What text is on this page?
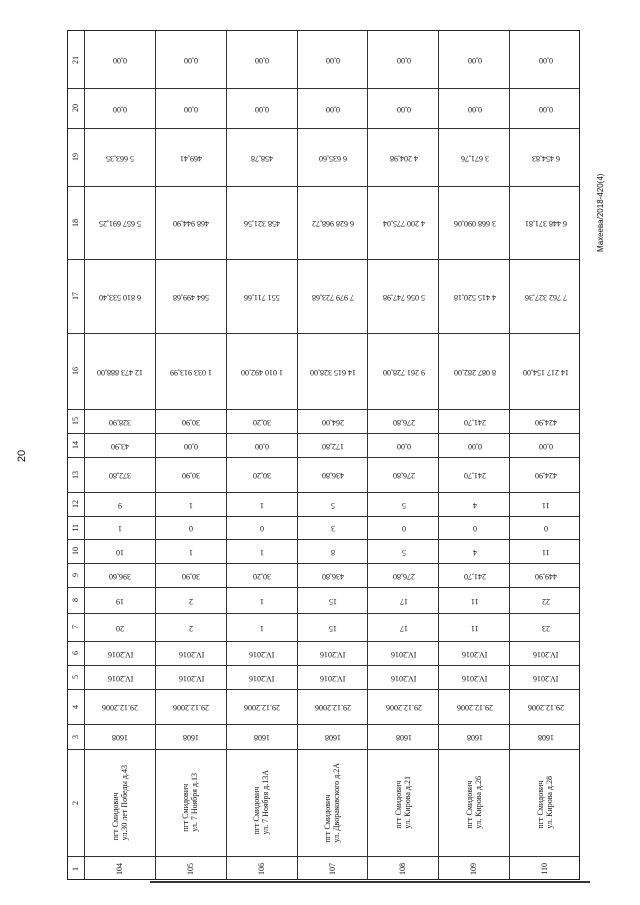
20
Махеева/2018-420(4)
21
20
19
18
17
16
15
14
13
12
11
10
9
8
7
6
5
4
3
2
1
0,00
0,00
5 663,35
5 657 691,25
6 810 533,40
12 473 888,00
328,90
43,90
372,80
9
1
10
396,60
19
20
IV.2016
IV.2016
29.12.2006
1608
пгт Смидович
ул.30 лет Победы д.43
104
0,00
0,00
469,41
468 944,90
564 499,68
1 033 913,99
30,90
0,00
30,90
1
0
1
30,90
2
2
IV.2016
IV.2016
29.12.2006
1608
пгт Смидович
ул. 7 Ноября д.13
105
0,00
0,00
458,78
458 321,56
551 711,66
1 010 492,00
30,20
0,00
30,20
1
0
1
30,20
1
1
IV.2016
IV.2016
29.12.2006
1608
пгт Смидович
ул. 7 Ноября д.13А
106
0,00
0,00
6 635,60
6 628 968,72
7 979 723,68
14 615 328,00
264,00
172,80
436,80
5
3
8
436,80
15
15
IV.2016
IV.2016
29.12.2006
1608
пгт Смидович
ул. Двораковского д.2А
107
0,00
0,00
4 204,98
4 200 775,04
5 056 747,98
9 261 728,00
276,80
0,00
276,80
5
0
5
276,80
17
17
IV.2016
IV.2016
29.12.2006
1608
пгт Смидович
ул. Кирова д.21
108
0,00
0,00
3 671,76
3 668 090,06
4 415 520,18
8 087 282,00
241,70
0,00
241,70
4
0
4
241,70
11
11
IV.2016
IV.2016
29.12.2006
1608
пгт Смидович
ул. Кирова д.26
109
0,00
0,00
6 454,83
6 448 371,81
7 762 327,36
14 217 154,00
424,90
0,00
424,90
11
0
11
449,90
22
23
IV.2016
IV.2016
29.12.2006
1608
пгт Смидович
ул. Кирова д.28
110
